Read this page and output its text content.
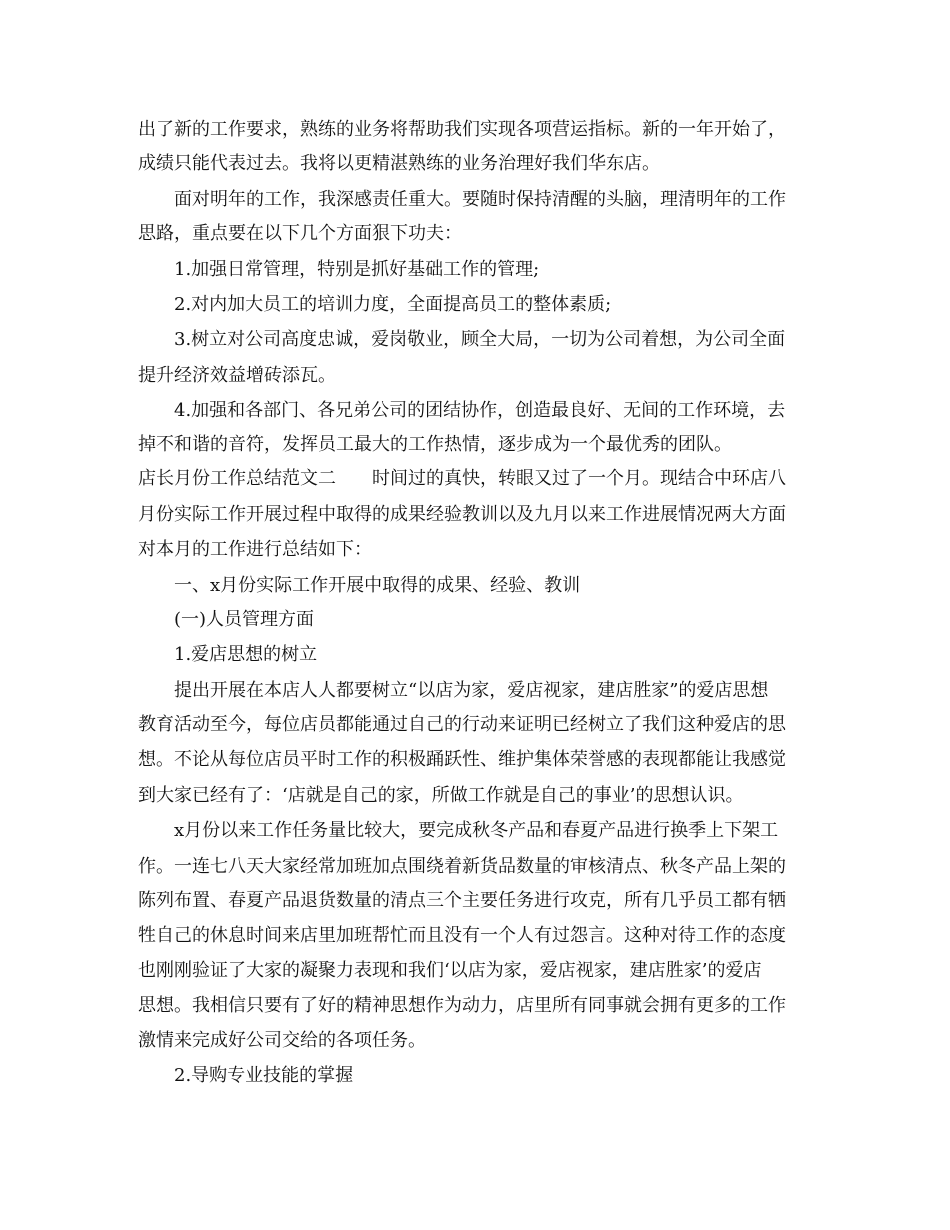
出了新的工作要求，熟练的业务将帮助我们实现各项营运指标。新的一年开始了，
成绩只能代表过去。我将以更精湛熟练的业务治理好我们华东店。
面对明年的工作，我深感责任重大。要随时保持清醒的头脑，理清明年的工作
思路，重点要在以下几个方面狠下功夫：
1.加强日常管理，特别是抓好基础工作的管理;
2.对内加大员工的培训力度，全面提高员工的整体素质;
3.树立对公司高度忠诚，爱岗敬业，顾全大局，一切为公司着想，为公司全面
提升经济效益增砖添瓦。
4.加强和各部门、各兄弟公司的团结协作，创造最良好、无间的工作环境，去
掉不和谐的音符，发挥员工最大的工作热情，逐步成为一个最优秀的团队。
店长月份工作总结范文二　　时间过的真快，转眼又过了一个月。现结合中环店八
月份实际工作开展过程中取得的成果经验教训以及九月以来工作进展情况两大方面
对本月的工作进行总结如下：
一、x月份实际工作开展中取得的成果、经验、教训
(一)人员管理方面
1.爱店思想的树立
提出开展在本店人人都要树立“以店为家，爱店视家，建店胜家”的爱店思想
教育活动至今，每位店员都能通过自己的行动来证明已经树立了我们这种爱店的思
想。不论从每位店员平时工作的积极踊跃性、维护集体荣誉感的表现都能让我感觉
到大家已经有了：‘店就是自己的家，所做工作就是自己的事业’的思想认识。
x月份以来工作任务量比较大，要完成秋冬产品和春夏产品进行换季上下架工
作。一连七八天大家经常加班加点围绕着新货品数量的审核清点、秋冬产品上架的
陈列布置、春夏产品退货数量的清点三个主要任务进行攻克，所有几乎员工都有牺
牲自己的休息时间来店里加班帮忙而且没有一个人有过怨言。这种对待工作的态度
也刚刚验证了大家的凝聚力表现和我们‘以店为家，爱店视家，建店胜家’的爱店
思想。我相信只要有了好的精神思想作为动力，店里所有同事就会拥有更多的工作
激情来完成好公司交给的各项任务。
2.导购专业技能的掌握
